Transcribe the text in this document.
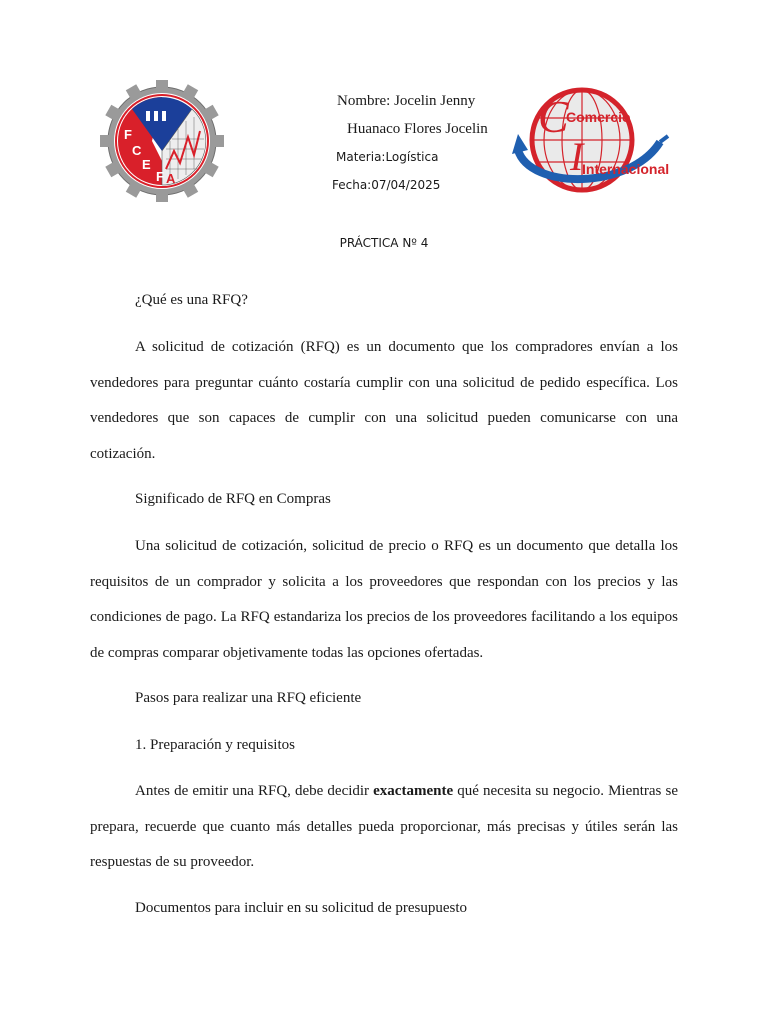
F
C
E
F A
C
Comercio
I
Internacional
Nombre: Jocelin Jenny
Huanaco Flores Jocelin
Materia:Logística
Fecha:07/04/2025
PRÁCTICA Nº 4
¿Qué es una RFQ?
A solicitud de cotización (RFQ) es un documento que los compradores envían a los vendedores para preguntar cuánto costaría cumplir con una solicitud de pedido específica. Los vendedores que son capaces de cumplir con una solicitud pueden comunicarse con una cotización.
Significado de RFQ en Compras
Una solicitud de cotización, solicitud de precio o RFQ es un documento que detalla los requisitos de un comprador y solicita a los proveedores que respondan con los precios y las condiciones de pago. La RFQ estandariza los precios de los proveedores facilitando a los equipos de compras comparar objetivamente todas las opciones ofertadas.
Pasos para realizar una RFQ eficiente
1. Preparación y requisitos
Antes de emitir una RFQ, debe decidir exactamente qué necesita su negocio. Mientras se prepara, recuerde que cuanto más detalles pueda proporcionar, más precisas y útiles serán las respuestas de su proveedor.
Documentos para incluir en su solicitud de presupuesto
